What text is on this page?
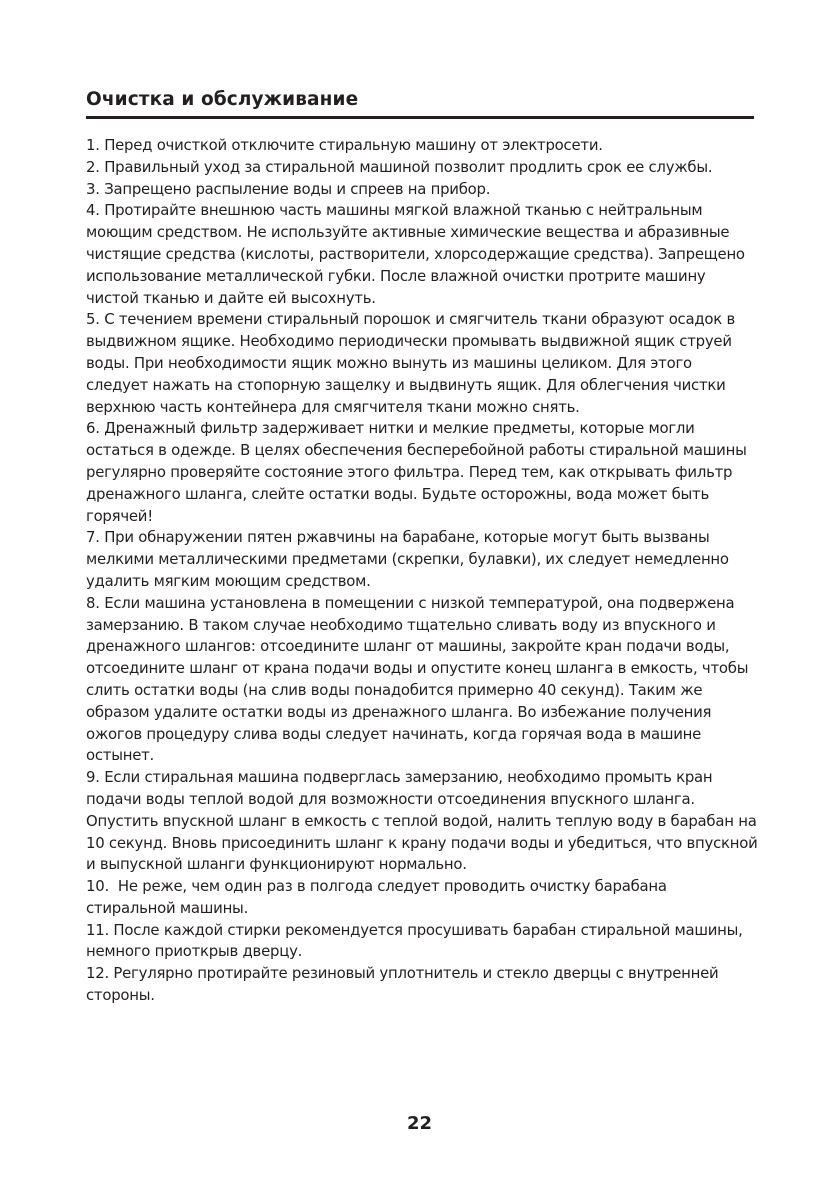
Очистка и обслуживание

1. Перед очисткой отключите стиральную машину от электросети.

2. Правильный уход за стиральной машиной позволит продлить срок ее службы.

3. Запрещено распыление воды и спреев на прибор.

4. Протирайте внешнюю часть машины мягкой влажной тканью с нейтральным моющим средством. Не используйте активные химические вещества и абразивные чистящие средства (кислоты, растворители, хлорсодержащие средства). Запрещено использование металлической губки. После влажной очистки протрите машину чистой тканью и дайте ей высохнуть.

5. С течением времени стиральный порошок и смягчитель ткани образуют осадок в выдвижном ящике. Необходимо периодически промывать выдвижной ящик струей воды. При необходимости ящик можно вынуть из машины целиком. Для этого следует нажать на стопорную защелку и выдвинуть ящик. Для облегчения чистки верхнюю часть контейнера для смягчителя ткани можно снять.

6. Дренажный фильтр задерживает нитки и мелкие предметы, которые могли остаться в одежде. В целях обеспечения бесперебойной работы стиральной машины регулярно проверяйте состояние этого фильтра. Перед тем, как открывать фильтр дренажного шланга, слейте остатки воды. Будьте осторожны, вода может быть горячей!

7. При обнаружении пятен ржавчины на барабане, которые могут быть вызваны мелкими металлическими предметами (скрепки, булавки), их следует немедленно удалить мягким моющим средством.

8. Если машина установлена в помещении с низкой температурой, она подвержена замерзанию. В таком случае необходимо тщательно сливать воду из впускного и дренажного шлангов: отсоедините шланг от машины, закройте кран подачи воды, отсоедините шланг от крана подачи воды и опустите конец шланга в емкость, чтобы слить остатки воды (на слив воды понадобится примерно 40 секунд). Таким же образом удалите остатки воды из дренажного шланга. Во избежание получения ожогов процедуру слива воды следует начинать, когда горячая вода в машине остынет.

9. Если стиральная машина подверглась замерзанию, необходимо промыть кран подачи воды теплой водой для возможности отсоединения впускного шланга. Опустить впускной шланг в емкость с теплой водой, налить теплую воду в барабан на 10 секунд. Вновь присоединить шланг к крану подачи воды и убедиться, что впускной и выпускной шланги функционируют нормально.

10.  Не реже, чем один раз в полгода следует проводить очистку барабана стиральной машины.

11. После каждой стирки рекомендуется просушивать барабан стиральной машины, немного приоткрыв дверцу.

12. Регулярно протирайте резиновый уплотнитель и стекло дверцы с внутренней стороны.

22
